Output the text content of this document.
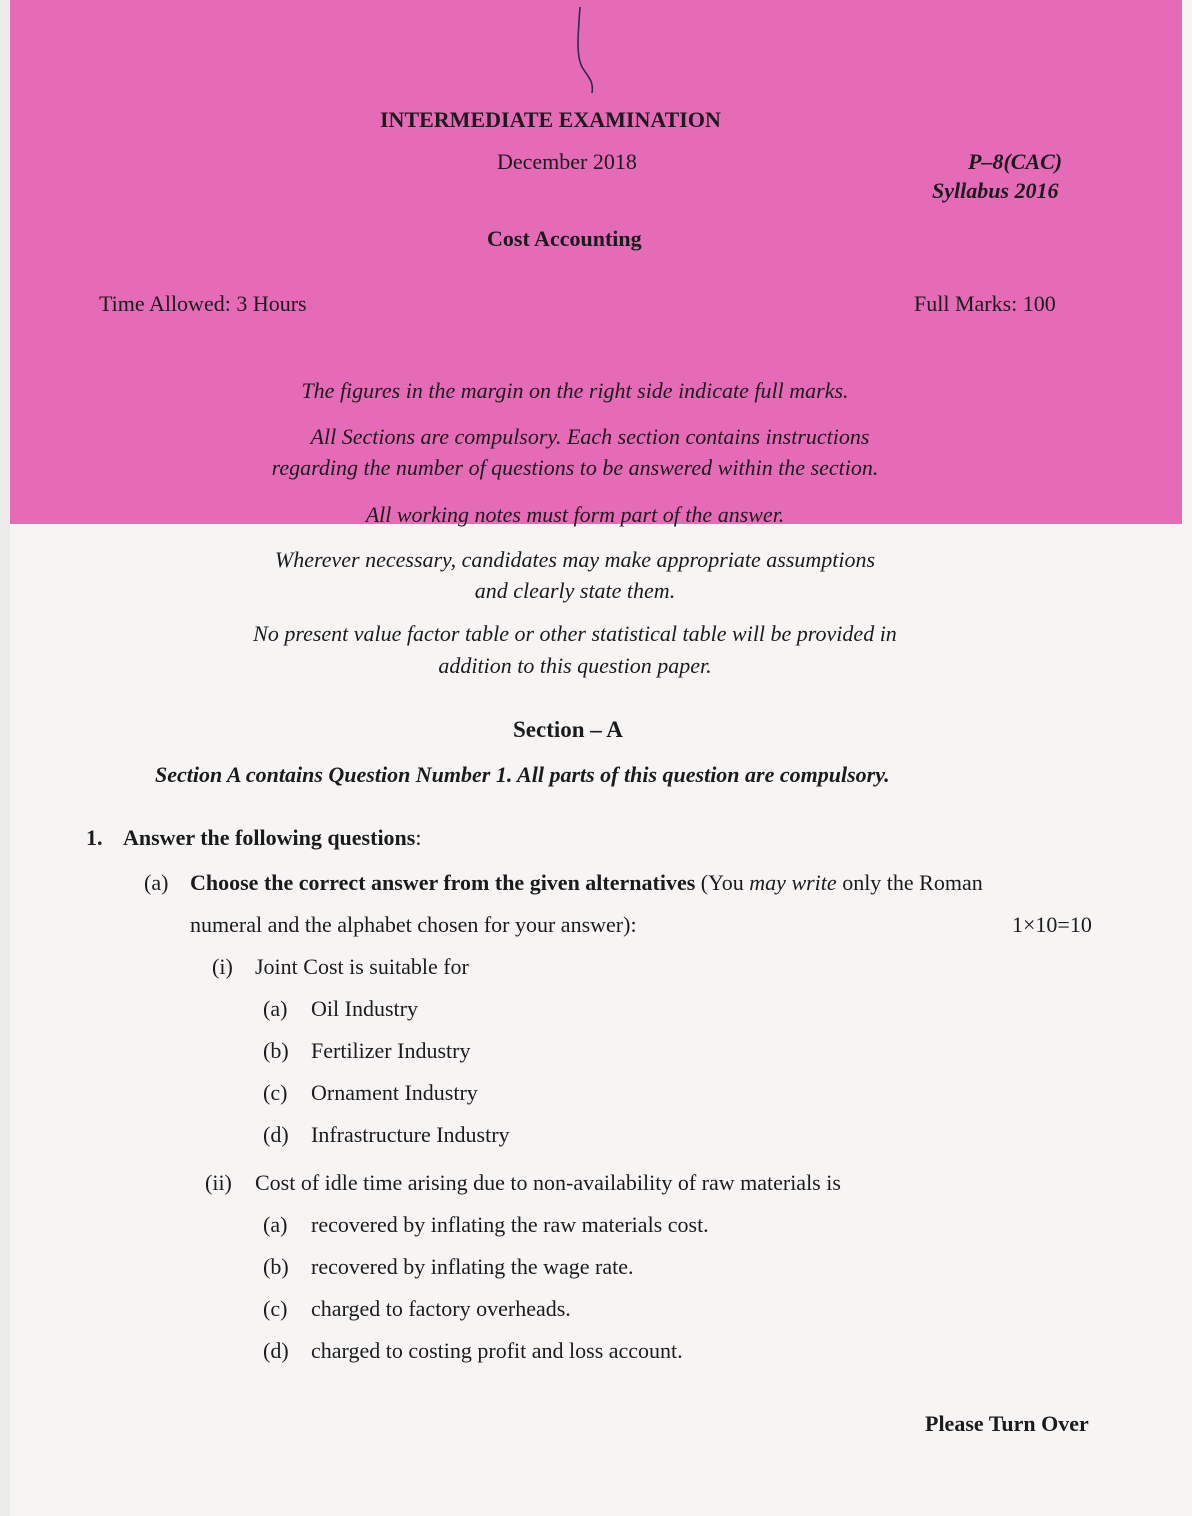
INTERMEDIATE EXAMINATION
December 2018	P–8(CAC)
Syllabus 2016
Cost Accounting
Time Allowed: 3 Hours	Full Marks: 100
The figures in the margin on the right side indicate full marks.
All Sections are compulsory. Each section contains instructions
regarding the number of questions to be answered within the section.
All working notes must form part of the answer.
Wherever necessary, candidates may make appropriate assumptions
and clearly state them.
No present value factor table or other statistical table will be provided in
addition to this question paper.
Section – A
Section A contains Question Number 1. All parts of this question are compulsory.
1. Answer the following questions:
(a) Choose the correct answer from the given alternatives (You may write only the Roman
numeral and the alphabet chosen for your answer):	1×10=10
(i) Joint Cost is suitable for
(a) Oil Industry
(b) Fertilizer Industry
(c) Ornament Industry
(d) Infrastructure Industry
(ii) Cost of idle time arising due to non-availability of raw materials is
(a) recovered by inflating the raw materials cost.
(b) recovered by inflating the wage rate.
(c) charged to factory overheads.
(d) charged to costing profit and loss account.
Please Turn Over
